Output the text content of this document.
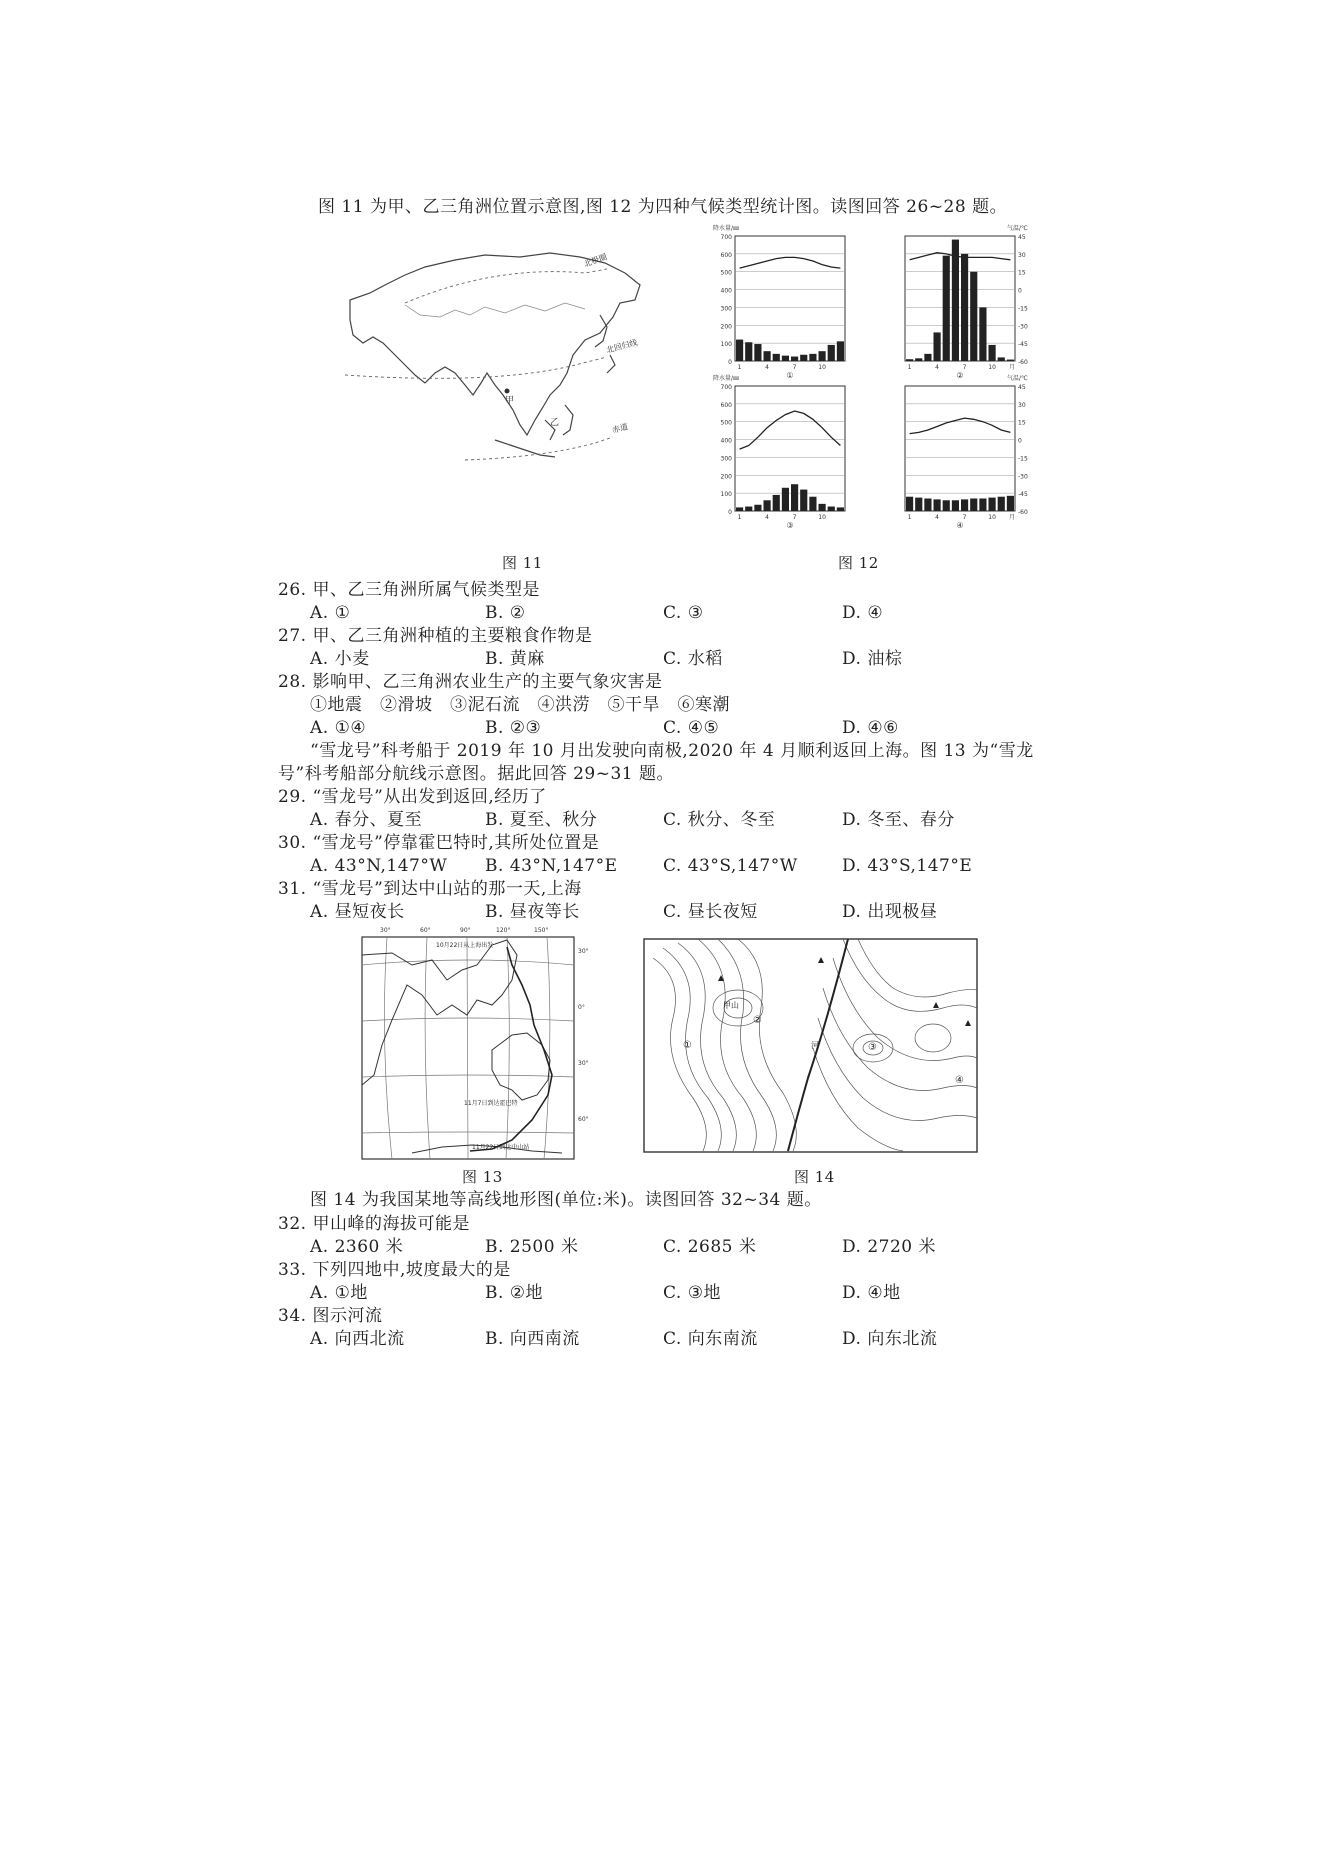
图 11 为甲、乙三角洲位置示意图,图 12 为四种气候类型统计图。读图回答 26~28 题。
北极圈
北回归线
赤道
甲
乙
图 11
700
600
500
400
300
200
100
0
降水量/㎜
1	4	7	10
①
45
30
15
0
-15
-30
-45
-60
气温/℃
1	4	7	10 月
②
700
600
500
400
300
200
100
0
降水量/㎜
1	4	7	10
③
45
30
15
0
-15
-30
-45
-60
气温/℃
1	4	7	10 月
④
图 12
26. 甲、乙三角洲所属气候类型是
A. ①	B. ②	C. ③	D. ④
27. 甲、乙三角洲种植的主要粮食作物是
A. 小麦	B. 黄麻	C. 水稻	D. 油棕
28. 影响甲、乙三角洲农业生产的主要气象灾害是
①地震　②滑坡　③泥石流　④洪涝　⑤干旱　⑥寒潮
A. ①④	B. ②③	C. ④⑤	D. ④⑥
“雪龙号”科考船于 2019 年 10 月出发驶向南极,2020 年 4 月顺利返回上海。图 13 为“雪龙
号”科考船部分航线示意图。据此回答 29~31 题。
29. “雪龙号”从出发到返回,经历了
A. 春分、夏至	B. 夏至、秋分	C. 秋分、冬至	D. 冬至、春分
30. “雪龙号”停靠霍巴特时,其所处位置是
A. 43°N,147°W B. 43°N,147°E	C. 43°S,147°W	D. 43°S,147°E
31. “雪龙号”到达中山站的那一天,上海
A. 昼短夜长	B. 昼夜等长	C. 昼长夜短	D. 出现极昼
30°	60°	90°	120°	150°
30°
0°
30°
60°
10月22日从上海出发
11月7日到达霍巴特
11月22日到达中山站
图 13
①
②
③
④
甲山
河
图 14
图 14 为我国某地等高线地形图(单位:米)。读图回答 32~34 题。
32. 甲山峰的海拔可能是
A. 2360 米	B. 2500 米	C. 2685 米	D. 2720 米
33. 下列四地中,坡度最大的是
A. ①地	B. ②地	C. ③地	D. ④地
34. 图示河流
A. 向西北流	B. 向西南流	C. 向东南流	D. 向东北流
